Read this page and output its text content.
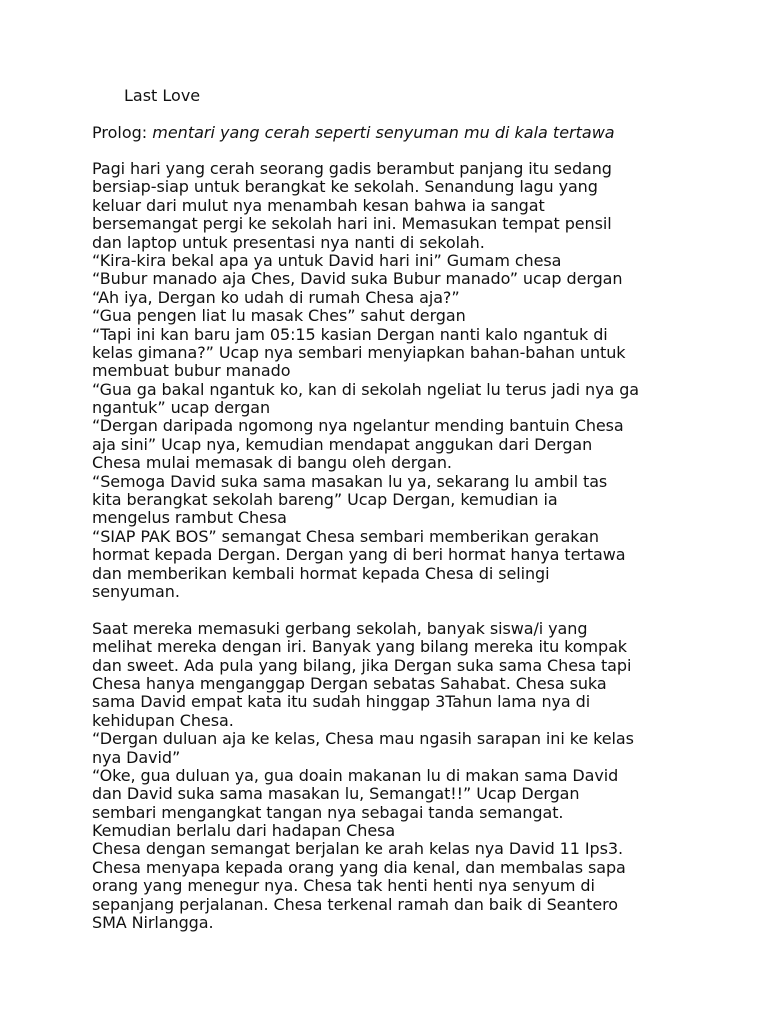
Last Love
Prolog: mentari yang cerah seperti senyuman mu di kala tertawa
Pagi hari yang cerah seorang gadis berambut panjang itu sedang
bersiap-siap untuk berangkat ke sekolah. Senandung lagu yang
keluar dari mulut nya menambah kesan bahwa ia sangat
bersemangat pergi ke sekolah hari ini. Memasukan tempat pensil
dan laptop untuk presentasi nya nanti di sekolah.
“Kira-kira bekal apa ya untuk David hari ini” Gumam chesa
“Bubur manado aja Ches, David suka Bubur manado” ucap dergan
“Ah iya, Dergan ko udah di rumah Chesa aja?”
“Gua pengen liat lu masak Ches” sahut dergan
“Tapi ini kan baru jam 05:15 kasian Dergan nanti kalo ngantuk di
kelas gimana?” Ucap nya sembari menyiapkan bahan-bahan untuk
membuat bubur manado
“Gua ga bakal ngantuk ko, kan di sekolah ngeliat lu terus jadi nya ga
ngantuk” ucap dergan
“Dergan daripada ngomong nya ngelantur mending bantuin Chesa
aja sini” Ucap nya, kemudian mendapat anggukan dari Dergan
Chesa mulai memasak di bangu oleh dergan.
“Semoga David suka sama masakan lu ya, sekarang lu ambil tas
kita berangkat sekolah bareng” Ucap Dergan, kemudian ia
mengelus rambut Chesa
“SIAP PAK BOS” semangat Chesa sembari memberikan gerakan
hormat kepada Dergan. Dergan yang di beri hormat hanya tertawa
dan memberikan kembali hormat kepada Chesa di selingi
senyuman.
Saat mereka memasuki gerbang sekolah, banyak siswa/i yang
melihat mereka dengan iri. Banyak yang bilang mereka itu kompak
dan sweet. Ada pula yang bilang, jika Dergan suka sama Chesa tapi
Chesa hanya menganggap Dergan sebatas Sahabat. Chesa suka
sama David empat kata itu sudah hinggap 3Tahun lama nya di
kehidupan Chesa.
“Dergan duluan aja ke kelas, Chesa mau ngasih sarapan ini ke kelas
nya David”
“Oke, gua duluan ya, gua doain makanan lu di makan sama David
dan David suka sama masakan lu, Semangat!!” Ucap Dergan
sembari mengangkat tangan nya sebagai tanda semangat.
Kemudian berlalu dari hadapan Chesa
Chesa dengan semangat berjalan ke arah kelas nya David 11 Ips3.
Chesa menyapa kepada orang yang dia kenal, dan membalas sapa
orang yang menegur nya. Chesa tak henti henti nya senyum di
sepanjang perjalanan. Chesa terkenal ramah dan baik di Seantero
SMA Nirlangga.
